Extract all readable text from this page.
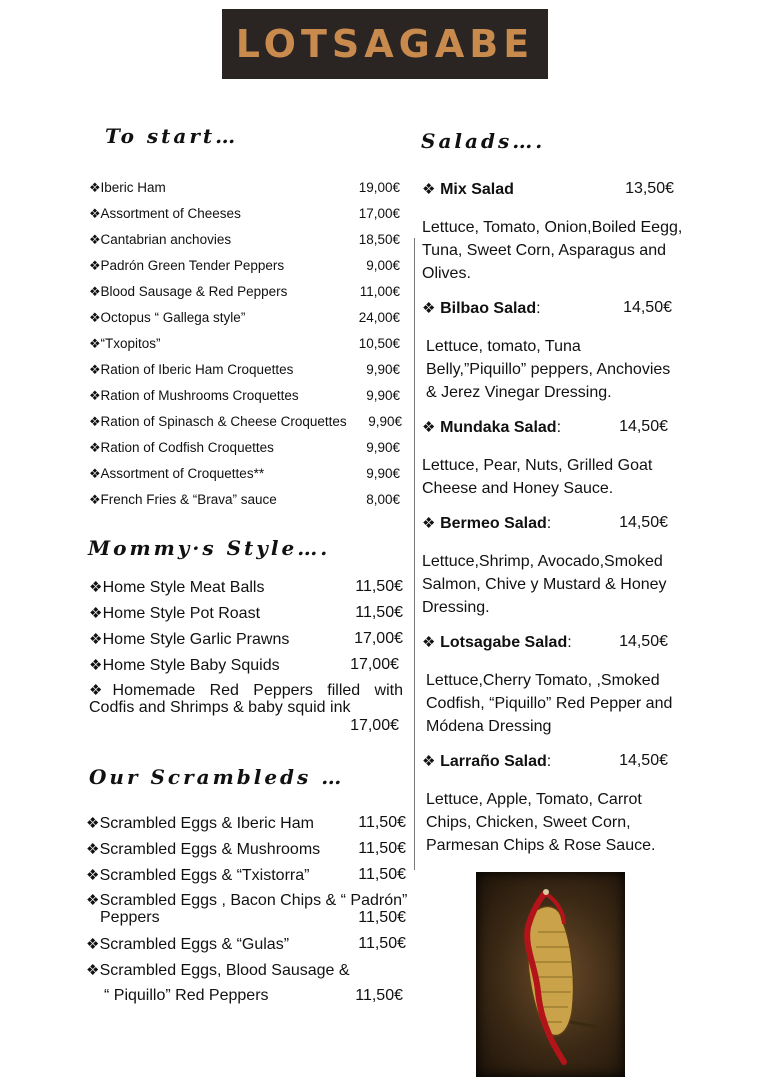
LOTSAGABE
To start…	Salads….
Mommy·s Style….
Our Scrambleds …
❖Iberic Ham	19,00€
❖Assortment of Cheeses	17,00€
❖Cantabrian anchovies	18,50€
❖Padrón Green Tender Peppers	9,00€
❖Blood Sausage & Red Peppers	11,00€
❖Octopus “ Gallega style”	24,00€
❖“Txopitos”	10,50€
❖Ration of Iberic Ham Croquettes	9,90€
❖Ration of Mushrooms Croquettes	9,90€
❖Ration of Spinasch & Cheese Croquettes 9,90€
❖Ration of Codfish Croquettes	9,90€
❖Assortment of Croquettes**	9,90€
❖French Fries & “Brava” sauce	8,00€
❖Home Style Meat Balls	11,50€
❖Home Style Pot Roast	11,50€
❖Home Style Garlic Prawns	17,00€
❖Home Style Baby Squids	17,00€
❖Homemade Red Peppers filled with Codfis and Shrimps & baby squid ink
17,00€
❖Scrambled Eggs & Iberic Ham	11,50€
❖Scrambled Eggs & Mushrooms 11,50€
❖Scrambled Eggs & “Txistorra”	11,50€
❖Scrambled Eggs , Bacon Chips & “ Padrón”
Peppers	11,50€
❖Scrambled Eggs & “Gulas”	11,50€
❖Scrambled Eggs, Blood Sausage &
“ Piquillo” Red Peppers	11,50€
❖ Mix Salad	13,50€
Lettuce, Tomato, Onion,Boiled Eegg, Tuna, Sweet Corn, Asparagus and Olives.
❖ Bilbao Salad:	14,50€
Lettuce, tomato, Tuna Belly,”Piquillo” peppers, Anchovies & Jerez Vinegar Dressing.
❖ Mundaka Salad:	14,50€
Lettuce, Pear, Nuts, Grilled Goat Cheese and Honey Sauce.
❖ Bermeo Salad:	14,50€
Lettuce,Shrimp, Avocado,Smoked Salmon, Chive y Mustard & Honey Dressing.
❖ Lotsagabe Salad:	14,50€
Lettuce,Cherry Tomato, ,Smoked Codfish, “Piquillo” Red Pepper and Módena Dressing
❖ Larraño Salad:	14,50€
Lettuce, Apple, Tomato, Carrot Chips, Chicken, Sweet Corn, Parmesan Chips & Rose Sauce.
